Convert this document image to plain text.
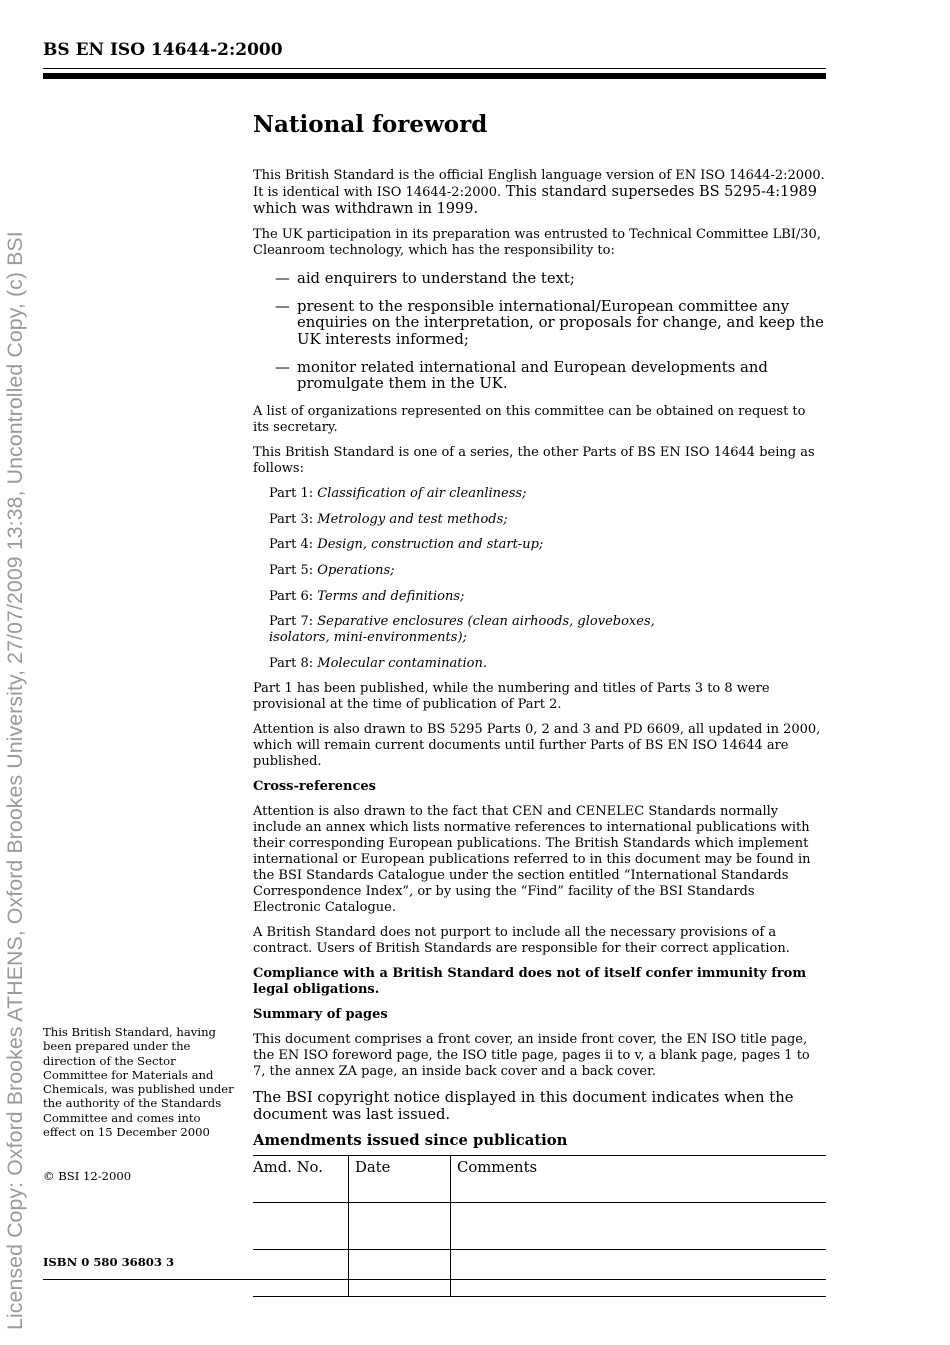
Licensed Copy: Oxford Brookes ATHENS, Oxford Brookes University, 27/07/2009 13:38, Uncontrolled Copy, (c) BSI
BS EN ISO 14644-2:2000
National foreword

This British Standard is the official English language version of EN ISO 14644-2:2000. It is identical with ISO 14644-2:2000. This standard supersedes BS 5295-4:1989 which was withdrawn in 1999.

The UK participation in its preparation was entrusted to Technical Committee LBI/30, Cleanroom technology, which has the responsibility to:

— aid enquirers to understand the text;
— present to the responsible international/European committee any enquiries on the interpretation, or proposals for change, and keep the UK interests informed;
— monitor related international and European developments and promulgate them in the UK.

A list of organizations represented on this committee can be obtained on request to its secretary.

This British Standard is one of a series, the other Parts of BS EN ISO 14644 being as follows:

Part 1: Classification of air cleanliness;
Part 3: Metrology and test methods;
Part 4: Design, construction and start-up;
Part 5: Operations;
Part 6: Terms and definitions;
Part 7: Separative enclosures (clean airhoods, gloveboxes, isolators, mini-environments);
Part 8: Molecular contamination.

Part 1 has been published, while the numbering and titles of Parts 3 to 8 were provisional at the time of publication of Part 2.

Attention is also drawn to BS 5295 Parts 0, 2 and 3 and PD 6609, all updated in 2000, which will remain current documents until further Parts of BS EN ISO 14644 are published.

Cross-references

Attention is also drawn to the fact that CEN and CENELEC Standards normally include an annex which lists normative references to international publications with their corresponding European publications. The British Standards which implement international or European publications referred to in this document may be found in the BSI Standards Catalogue under the section entitled “International Standards Correspondence Index”, or by using the “Find” facility of the BSI Standards Electronic Catalogue.

A British Standard does not purport to include all the necessary provisions of a contract. Users of British Standards are responsible for their correct application.

Compliance with a British Standard does not of itself confer immunity from legal obligations.

Summary of pages

This document comprises a front cover, an inside front cover, the EN ISO title page, the EN ISO foreword page, the ISO title page, pages ii to v, a blank page, pages 1 to 7, the annex ZA page, an inside back cover and a back cover.

The BSI copyright notice displayed in this document indicates when the document was last issued.

Amendments issued since publication
Amd. No.	Date	Comments

This British Standard, having been prepared under the direction of the Sector Committee for Materials and Chemicals, was published under the authority of the Standards Committee and comes into effect on 15 December 2000
© BSI 12-2000
ISBN 0 580 36803 3
